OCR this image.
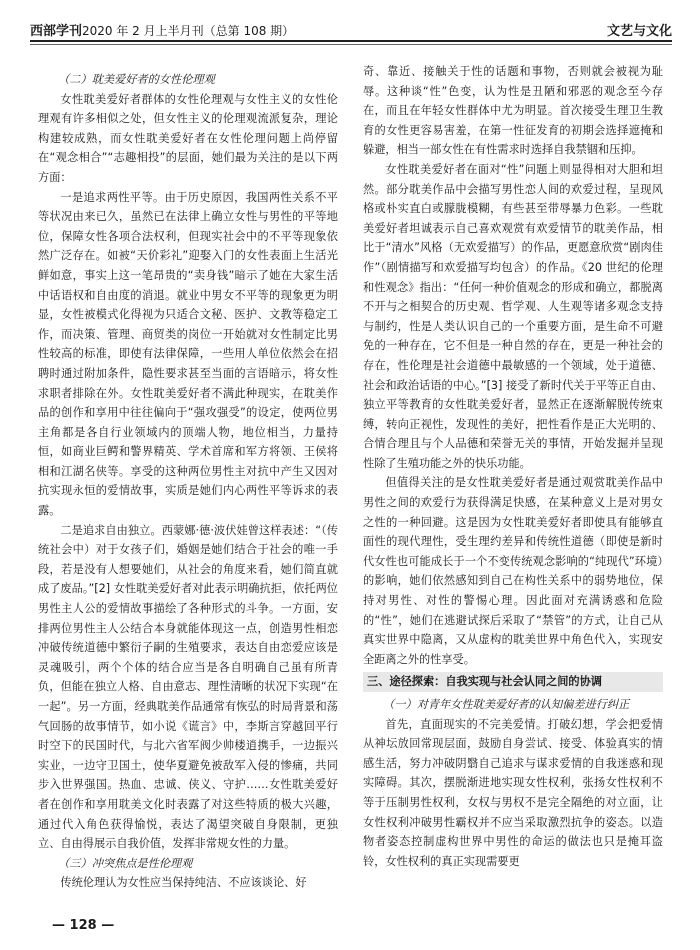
西部学刊2020 年 2 月上半月刊（总第 108 期）	文艺与文化

（二）耽美爱好者的女性伦理观

女性耽美爱好者群体的女性伦理观与女性主义的女性伦理观有许多相似之处，但女性主义的伦理观流派复杂，理论构建较成熟，而女性耽美爱好者在女性伦理问题上尚停留在“观念相合”“志趣相投”的层面，她们最为关注的是以下两方面：

一是追求两性平等。由于历史原因，我国两性关系不平等状况由来已久，虽然已在法律上确立女性与男性的平等地位，保障女性各项合法权利，但现实社会中的不平等现象依然广泛存在。如被“天价彩礼”迎娶入门的女性表面上生活光鲜如意，事实上这一笔昂贵的“卖身钱”暗示了她在大家生活中话语权和自由度的消退。就业中男女不平等的现象更为明显，女性被模式化得视为只适合文秘、医护、文教等稳定工作，而决策、管理、商贸类的岗位一开始就对女性制定比男性较高的标准，即使有法律保障，一些用人单位依然会在招聘时通过附加条件，隐性要求甚至当面的言语暗示，将女性求职者排除在外。女性耽美爱好者不满此种现实，在耽美作品的创作和享用中往往偏向于“强攻强受”的设定，使两位男主角都是各自行业领域内的顶端人物，地位相当，力量持恒，如商业巨鳄和警界精英、学术首席和军方将领、王侯将相和江湖名侠等。享受的这种两位男性主对抗中产生又因对抗实现永恒的爱情故事，实质是她们内心两性平等诉求的表露。

二是追求自由独立。西蒙娜·德·波伏娃曾这样表述：“（传统社会中）对于女孩子们，婚姻是她们结合于社会的唯一手段，若是没有人想要她们，从社会的角度来看，她们简直就成了废品。”[2] 女性耽美爱好者对此表示明确抗拒，依托两位男性主人公的爱情故事描绘了各种形式的斗争。一方面，安排两位男性主人公结合本身就能体现这一点，创造男性相恋冲破传统道德中繁衍子嗣的生殖要求，表达自由恋爱应该是灵魂吸引，两个个体的结合应当是各自明确自己虽有所青负，但能在独立人格、自由意志、理性清晰的状况下实现“在一起”。另一方面，经典耽美作品通常有恢弘的时局背景和荡气回肠的故事情节，如小说《谎言》中，李斯言穿越回平行时空下的民国时代，与北六省军阀少帅楼逍携手，一边振兴实业，一边守卫国土，使华夏避免被敌军入侵的惨痛，共同步入世界强国。热血、忠诚、侠义、守护……女性耽美爱好者在创作和享用耽美文化时表露了对这些特质的极大兴趣，通过代入角色获得愉悦，表达了渴望突破自身限制，更独立、自由得展示自我价值，发挥非常规女性的力量。

（三）冲突焦点是性伦理观

传统伦理认为女性应当保持纯洁、不应该谈论、好

奇、靠近、接触关于性的话题和事物，否则就会被视为耻辱。这种谈“性”色变，认为性是丑陋和邪恶的观念至今存在，而且在年轻女性群体中尤为明显。首次接受生理卫生教育的女性更容易害羞，在第一性征发育的初期会选择遮掩和躲避，相当一部女性在有性需求时选择自我禁锢和压抑。

女性耽美爱好者在面对“性”问题上则显得相对大胆和坦然。部分耽美作品中会描写男性恋人间的欢爱过程，呈现风格或朴实直白或朦胧模糊，有些甚至带辱暴力色彩。一些耽美爱好者坦诚表示自己喜欢观赏有欢爱情节的耽美作品，相比于“清水”风格（无欢爱描写）的作品，更愿意欣赏“剧肉佳作”（剧情描写和欢爱描写均包含）的作品。《20 世纪的伦理和性观念》指出：“任何一种价值观念的形成和确立，都脱离不开与之相契合的历史观、哲学观、人生观等诸多观念支持与制约，性是人类认识自己的一个重要方面，是生命不可避免的一种存在，它不但是一种自然的存在，更是一种社会的存在，性伦理是社会道德中最敏感的一个领域，处于道德、社会和政治话语的中心。”[3] 接受了新时代关于平等正自由、独立平等教育的女性耽美爱好者，显然正在逐渐解脱传统束缚，转向正视性，发现性的美好，把性看作是正大光明的、合情合理且与个人品德和荣誉无关的事情，开始发掘并呈现性除了生殖功能之外的快乐功能。

但值得关注的是女性耽美爱好者是通过观赏耽美作品中男性之间的欢爱行为获得满足快感，在某种意义上是对男女之性的一种回避。这是因为女性耽美爱好者即使具有能够直面性的现代理性，受生理约差异和传统性道德（即使是新时代女性也可能成长于一个不变传统观念影响的“纯现代”环境）的影响，她们依然感知到自己在构性关系中的弱势地位，保持对男性、对性的警惕心理。因此面对充满诱惑和危险的“性”，她们在逃避试探后采取了“禁管”的方式，让自己从真实世界中隐离，又从虚构的耽美世界中角色代入，实现安全距离之外的性享受。

三、途径探索：自我实现与社会认同之间的协调

（一）对青年女性耽美爱好者的认知偏差进行纠正

首先，直面现实的不完美爱情。打破幻想，学会把爱情从神坛放回常现层面，鼓励自身尝试、接受、体验真实的情感生活，努力冲破阴翳自己追求与谋求爱情的自我迷惑和现实障碍。其次，摆脱渐进地实现女性权利，张扬女性权利不等于压制男性权利，女权与男权不是完全隔绝的对立面，让女性权利冲破男性霸权并不应当采取激烈抗争的姿态。以造物者姿态控制虚构世界中男性的命运的做法也只是掩耳盗铃，女性权利的真正实现需要更

— 128 —
